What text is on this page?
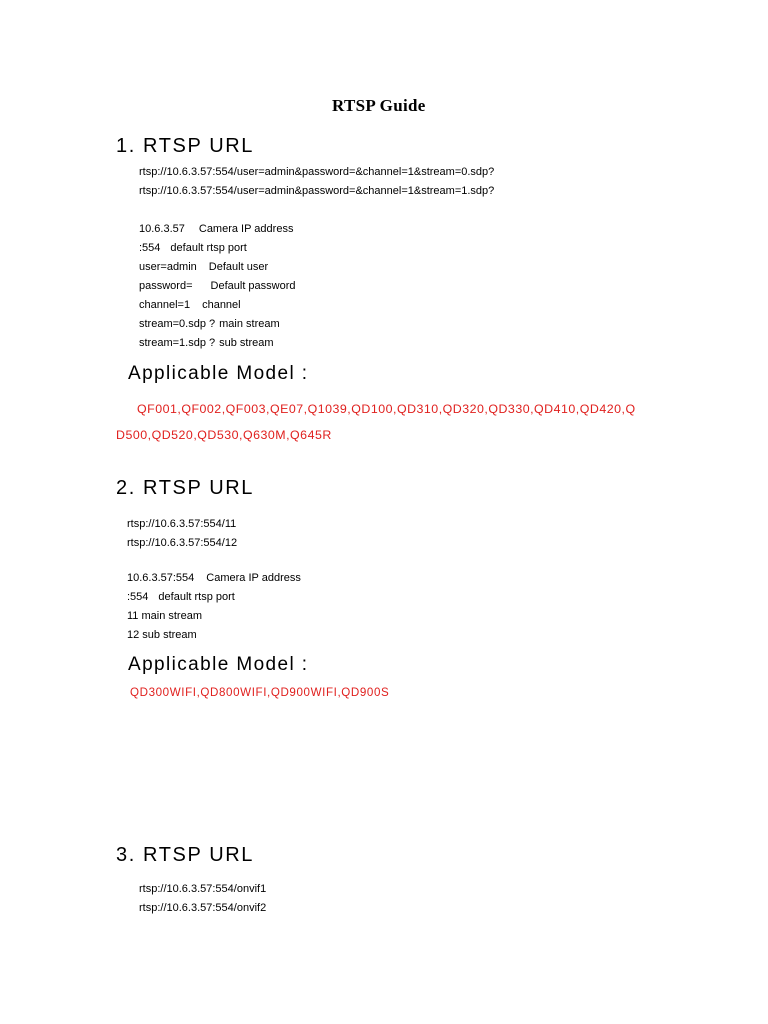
RTSP Guide
1. RTSP URL
rtsp://10.6.3.57:554/user=admin&password=&channel=1&stream=0.sdp?
rtsp://10.6.3.57:554/user=admin&password=&channel=1&stream=1.sdp?
10.6.3.57 Camera IP address
:554 default rtsp port
user=admin Default user
password= Default password
channel=1 channel
stream=0.sdp ? main stream
stream=1.sdp ? sub stream
Applicable Model :
QF001,QF002,QF003,QE07,Q1039,QD100,QD310,QD320,QD330,QD410,QD420,Q
D500,QD520,QD530,Q630M,Q645R
2. RTSP URL
rtsp://10.6.3.57:554/11
rtsp://10.6.3.57:554/12
10.6.3.57:554 Camera IP address
:554 default rtsp port
11 main stream
12 sub stream
Applicable Model :
QD300WIFI,QD800WIFI,QD900WIFI,QD900S
3. RTSP URL
rtsp://10.6.3.57:554/onvif1
rtsp://10.6.3.57:554/onvif2
